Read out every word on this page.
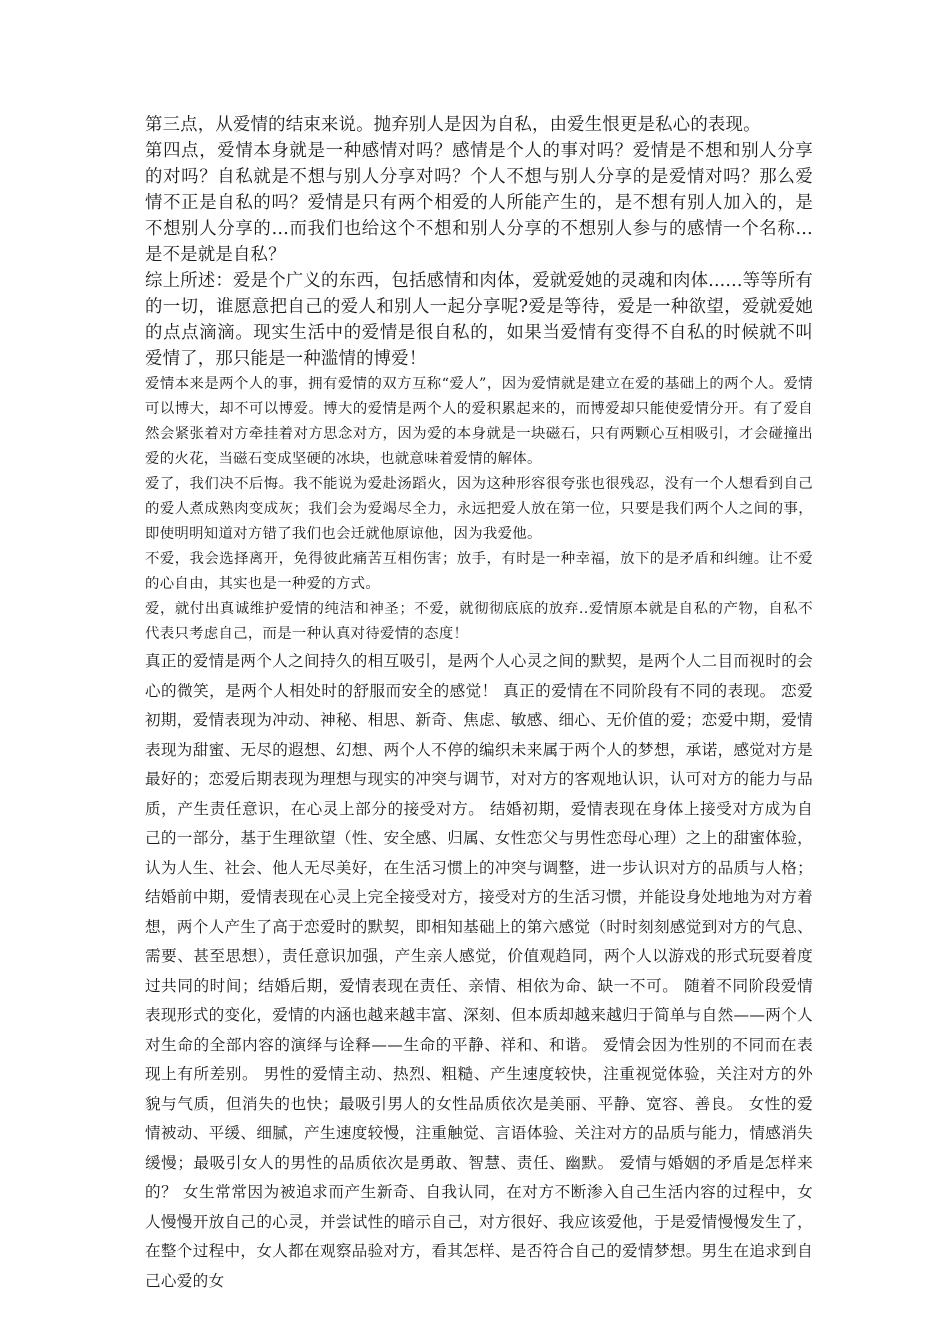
第三点，从爱情的结束来说。抛弃别人是因为自私，由爱生恨更是私心的表现。

第四点，爱情本身就是一种感情对吗？感情是个人的事对吗？爱情是不想和别人分享的对吗？自私就是不想与别人分享对吗？个人不想与别人分享的是爱情对吗？那么爱情不正是自私的吗？爱情是只有两个相爱的人所能产生的，是不想有别人加入的，是不想别人分享的…而我们也给这个不想和别人分享的不想别人参与的感情一个名称…是不是就是自私？

综上所述：爱是个广义的东西，包括感情和肉体，爱就爱她的灵魂和肉体......等等所有的一切，谁愿意把自己的爱人和别人一起分享呢?爱是等待，爱是一种欲望，爱就爱她的点点滴滴。现实生活中的爱情是很自私的，如果当爱情有变得不自私的时候就不叫爱情了，那只能是一种滥情的博爱！

爱情本来是两个人的事，拥有爱情的双方互称“爱人”，因为爱情就是建立在爱的基础上的两个人。爱情可以博大，却不可以博爱。博大的爱情是两个人的爱积累起来的，而博爱却只能使爱情分开。有了爱自然会紧张着对方牵挂着对方思念对方，因为爱的本身就是一块磁石，只有两颗心互相吸引，才会碰撞出爱的火花，当磁石变成坚硬的冰块，也就意味着爱情的解体。

爱了，我们决不后悔。我不能说为爱赴汤蹈火，因为这种形容很夸张也很残忍，没有一个人想看到自己的爱人煮成熟肉变成灰；我们会为爱竭尽全力，永远把爱人放在第一位，只要是我们两个人之间的事，即使明明知道对方错了我们也会迁就他原谅他，因为我爱他。

不爱，我会选择离开，免得彼此痛苦互相伤害；放手，有时是一种幸福，放下的是矛盾和纠缠。让不爱的心自由，其实也是一种爱的方式。

爱，就付出真诚维护爱情的纯洁和神圣；不爱，就彻彻底底的放弃..爱情原本就是自私的产物，自私不代表只考虑自己，而是一种认真对待爱情的态度！

真正的爱情是两个人之间持久的相互吸引，是两个人心灵之间的默契，是两个人二目而视时的会心的微笑，是两个人相处时的舒服而安全的感觉！ 真正的爱情在不同阶段有不同的表现。 恋爱初期，爱情表现为冲动、神秘、相思、新奇、焦虑、敏感、细心、无价值的爱；恋爱中期，爱情表现为甜蜜、无尽的遐想、幻想、两个人不停的编织未来属于两个人的梦想，承诺，感觉对方是最好的；恋爱后期表现为理想与现实的冲突与调节，对对方的客观地认识，认可对方的能力与品质，产生责任意识，在心灵上部分的接受对方。 结婚初期，爱情表现在身体上接受对方成为自己的一部分，基于生理欲望（性、安全感、归属、女性恋父与男性恋母心理）之上的甜蜜体验，认为人生、社会、他人无尽美好，在生活习惯上的冲突与调整，进一步认识对方的品质与人格；结婚前中期，爱情表现在心灵上完全接受对方，接受对方的生活习惯，并能设身处地地为对方着想，两个人产生了高于恋爱时的默契，即相知基础上的第六感觉（时时刻刻感觉到对方的气息、需要、甚至思想），责任意识加强，产生亲人感觉，价值观趋同，两个人以游戏的形式玩耍着度过共同的时间；结婚后期，爱情表现在责任、亲情、相依为命、缺一不可。 随着不同阶段爱情表现形式的变化，爱情的内涵也越来越丰富、深刻、但本质却越来越归于简单与自然——两个人对生命的全部内容的演绎与诠释——生命的平静、祥和、和谐。 爱情会因为性别的不同而在表现上有所差别。 男性的爱情主动、热烈、粗糙、产生速度较快，注重视觉体验，关注对方的外貌与气质，但消失的也快；最吸引男人的女性品质依次是美丽、平静、宽容、善良。 女性的爱情被动、平缓、细腻，产生速度较慢，注重触觉、言语体验、关注对方的品质与能力，情感消失缓慢；最吸引女人的男性的品质依次是勇敢、智慧、责任、幽默。 爱情与婚姻的矛盾是怎样来的？ 女生常常因为被追求而产生新奇、自我认同，在对方不断渗入自己生活内容的过程中，女人慢慢开放自己的心灵，并尝试性的暗示自己，对方很好、我应该爱他，于是爱情慢慢发生了，在整个过程中，女人都在观察品验对方，看其怎样、是否符合自己的爱情梦想。男生在追求到自己心爱的女
